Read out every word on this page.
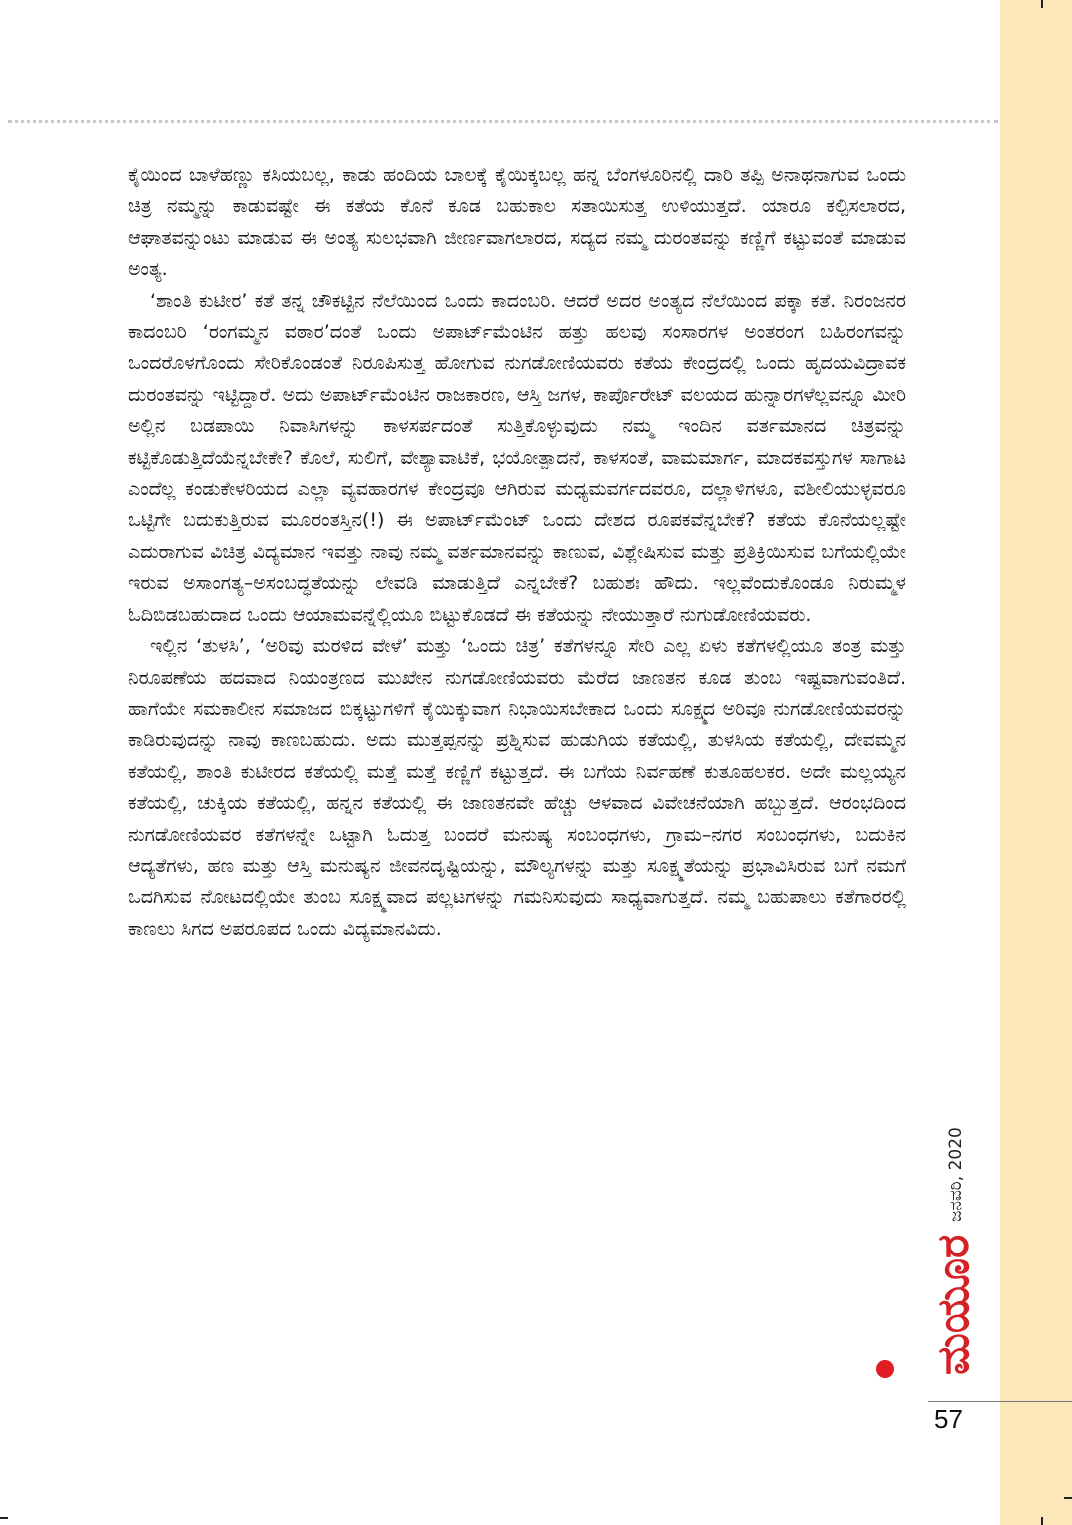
ಕೈಯಿಂದ ಬಾಳೆಹಣ್ಣು ಕಸಿಯಬಲ್ಲ, ಕಾಡು ಹಂದಿಯ ಬಾಲಕ್ಕೆ ಕೈಯಿಕ್ಕಬಲ್ಲ ಹನ್ನ ಬೆಂಗಳೂರಿನಲ್ಲಿ ದಾರಿ ತಪ್ಪಿ ಅನಾಥನಾಗುವ ಒಂದು ಚಿತ್ರ ನಮ್ಮನ್ನು ಕಾಡುವಷ್ಟೇ ಈ ಕತೆಯ ಕೊನೆ ಕೂಡ ಬಹುಕಾಲ ಸತಾಯಿಸುತ್ತ ಉಳಿಯುತ್ತದೆ. ಯಾರೂ ಕಲ್ಪಿಸಲಾರದ, ಆಘಾತವನ್ನುಂಟು ಮಾಡುವ ಈ ಅಂತ್ಯ ಸುಲಭವಾಗಿ ಜೀರ್ಣವಾಗಲಾರದ, ಸದ್ಯದ ನಮ್ಮ ದುರಂತವನ್ನು ಕಣ್ಣಿಗೆ ಕಟ್ಟುವಂತೆ ಮಾಡುವ ಅಂತ್ಯ.

‘ಶಾಂತಿ ಕುಟೀರ’ ಕತೆ ತನ್ನ ಚೌಕಟ್ಟಿನ ನೆಲೆಯಿಂದ ಒಂದು ಕಾದಂಬರಿ. ಆದರೆ ಅದರ ಅಂತ್ಯದ ನೆಲೆಯಿಂದ ಪಕ್ಕಾ ಕತೆ. ನಿರಂಜನರ ಕಾದಂಬರಿ ‘ರಂಗಮ್ಮನ ವಠಾರ’ದಂತೆ ಒಂದು ಅಪಾರ್ಟ್‌ಮೆಂಟಿನ ಹತ್ತು ಹಲವು ಸಂಸಾರಗಳ ಅಂತರಂಗ ಬಹಿರಂಗವನ್ನು ಒಂದರೊಳಗೊಂದು ಸೇರಿಕೊಂಡಂತೆ ನಿರೂಪಿಸುತ್ತ ಹೋಗುವ ನುಗಡೋಣಿಯವರು ಕತೆಯ ಕೇಂದ್ರದಲ್ಲಿ ಒಂದು ಹೃದಯವಿದ್ರಾವಕ ದುರಂತವನ್ನು ಇಟ್ಟಿದ್ದಾರೆ. ಅದು ಅಪಾರ್ಟ್‌ಮೆಂಟಿನ ರಾಜಕಾರಣ, ಆಸ್ತಿ ಜಗಳ, ಕಾರ್ಪೊರೇಟ್ ವಲಯದ ಹುನ್ನಾರಗಳೆಲ್ಲವನ್ನೂ ಮೀರಿ ಅಲ್ಲಿನ ಬಡಪಾಯಿ ನಿವಾಸಿಗಳನ್ನು ಕಾಳಸರ್ಪದಂತೆ ಸುತ್ತಿಕೊಳ್ಳುವುದು ನಮ್ಮ ಇಂದಿನ ವರ್ತಮಾನದ ಚಿತ್ರವನ್ನು ಕಟ್ಟಿಕೊಡುತ್ತಿದೆಯೆನ್ನಬೇಕೇ? ಕೊಲೆ, ಸುಲಿಗೆ, ವೇಶ್ಯಾವಾಟಿಕೆ, ಭಯೋತ್ಪಾದನೆ, ಕಾಳಸಂತೆ, ವಾಮಮಾರ್ಗ, ಮಾದಕವಸ್ತುಗಳ ಸಾಗಾಟ ಎಂದೆಲ್ಲ ಕಂಡುಕೇಳರಿಯದ ಎಲ್ಲಾ ವ್ಯವಹಾರಗಳ ಕೇಂದ್ರವೂ ಆಗಿರುವ ಮಧ್ಯಮವರ್ಗದವರೂ, ದಲ್ಲಾಳಿಗಳೂ, ವಶೀಲಿಯುಳ್ಳವರೂ ಒಟ್ಟಿಗೇ ಬದುಕುತ್ತಿರುವ ಮೂರಂತಸ್ತಿನ(!) ಈ ಅಪಾರ್ಟ್‌ಮೆಂಟ್ ಒಂದು ದೇಶದ ರೂಪಕವೆನ್ನಬೇಕೆ? ಕತೆಯ ಕೊನೆಯಲ್ಲಷ್ಟೇ ಎದುರಾಗುವ ವಿಚಿತ್ರ ವಿದ್ಯಮಾನ ಇವತ್ತು ನಾವು ನಮ್ಮ ವರ್ತಮಾನವನ್ನು ಕಾಣುವ, ವಿಶ್ಲೇಷಿಸುವ ಮತ್ತು ಪ್ರತಿಕ್ರಿಯಿಸುವ ಬಗೆಯಲ್ಲಿಯೇ ಇರುವ ಅಸಾಂಗತ್ಯ–ಅಸಂಬದ್ಧತೆಯನ್ನು ಲೇವಡಿ ಮಾಡುತ್ತಿದೆ ಎನ್ನಬೇಕೆ? ಬಹುಶಃ ಹೌದು. ಇಲ್ಲವೆಂದುಕೊಂಡೂ ನಿರುಮ್ಮಳ ಓದಿಬಿಡಬಹುದಾದ ಒಂದು ಆಯಾಮವನ್ನೆಲ್ಲಿಯೂ ಬಿಟ್ಟುಕೊಡದೆ ಈ ಕತೆಯನ್ನು ನೇಯುತ್ತಾರೆ ನುಗುಡೋಣಿಯವರು.

ಇಲ್ಲಿನ ‘ತುಳಸಿ’, ‘ಅರಿವು ಮರಳಿದ ವೇಳೆ’ ಮತ್ತು ‘ಒಂದು ಚಿತ್ರ’ ಕತೆಗಳನ್ನೂ ಸೇರಿ ಎಲ್ಲ ಏಳು ಕತೆಗಳಲ್ಲಿಯೂ ತಂತ್ರ ಮತ್ತು ನಿರೂಪಣೆಯ ಹದವಾದ ನಿಯಂತ್ರಣದ ಮುಖೇನ ನುಗಡೋಣಿಯವರು ಮೆರೆದ ಜಾಣತನ ಕೂಡ ತುಂಬ ಇಷ್ಟವಾಗುವಂತಿದೆ. ಹಾಗೆಯೇ ಸಮಕಾಲೀನ ಸಮಾಜದ ಬಿಕ್ಕಟ್ಟುಗಳಿಗೆ ಕೈಯಿಕ್ಕುವಾಗ ನಿಭಾಯಿಸಬೇಕಾದ ಒಂದು ಸೂಕ್ಷ್ಮದ ಅರಿವೂ ನುಗಡೋಣಿಯವರನ್ನು ಕಾಡಿರುವುದನ್ನು ನಾವು ಕಾಣಬಹುದು. ಅದು ಮುತ್ತಪ್ಪನನ್ನು ಪ್ರಶ್ನಿಸುವ ಹುಡುಗಿಯ ಕತೆಯಲ್ಲಿ, ತುಳಸಿಯ ಕತೆಯಲ್ಲಿ, ದೇವಮ್ಮನ ಕತೆಯಲ್ಲಿ, ಶಾಂತಿ ಕುಟೀರದ ಕತೆಯಲ್ಲಿ ಮತ್ತೆ ಮತ್ತೆ ಕಣ್ಣಿಗೆ ಕಟ್ಟುತ್ತದೆ. ಈ ಬಗೆಯ ನಿರ್ವಹಣೆ ಕುತೂಹಲಕರ. ಅದೇ ಮಲ್ಲಯ್ಯನ ಕತೆಯಲ್ಲಿ, ಚುಕ್ಕಿಯ ಕತೆಯಲ್ಲಿ, ಹನ್ನನ ಕತೆಯಲ್ಲಿ ಈ ಜಾಣತನವೇ ಹೆಚ್ಚು ಆಳವಾದ ವಿವೇಚನೆಯಾಗಿ ಹಬ್ಬುತ್ತದೆ. ಆರಂಭದಿಂದ ನುಗಡೋಣಿಯವರ ಕತೆಗಳನ್ನೇ ಒಟ್ಟಾಗಿ ಓದುತ್ತ ಬಂದರೆ ಮನುಷ್ಯ ಸಂಬಂಧಗಳು, ಗ್ರಾಮ–ನಗರ ಸಂಬಂಧಗಳು, ಬದುಕಿನ ಆದ್ಯತೆಗಳು, ಹಣ ಮತ್ತು ಆಸ್ತಿ ಮನುಷ್ಯನ ಜೀವನದೃಷ್ಟಿಯನ್ನು, ಮೌಲ್ಯಗಳನ್ನು ಮತ್ತು ಸೂಕ್ಷ್ಮತೆಯನ್ನು ಪ್ರಭಾವಿಸಿರುವ ಬಗೆ ನಮಗೆ ಒದಗಿಸುವ ನೋಟದಲ್ಲಿಯೇ ತುಂಬ ಸೂಕ್ಷ್ಮವಾದ ಪಲ್ಲಟಗಳನ್ನು ಗಮನಿಸುವುದು ಸಾಧ್ಯವಾಗುತ್ತದೆ. ನಮ್ಮ ಬಹುಪಾಲು ಕತೆಗಾರರಲ್ಲಿ ಕಾಣಲು ಸಿಗದ ಅಪರೂಪದ ಒಂದು ವಿದ್ಯಮಾನವಿದು.

ಜನವರಿ, 2020
ಮಯೂರ
57
